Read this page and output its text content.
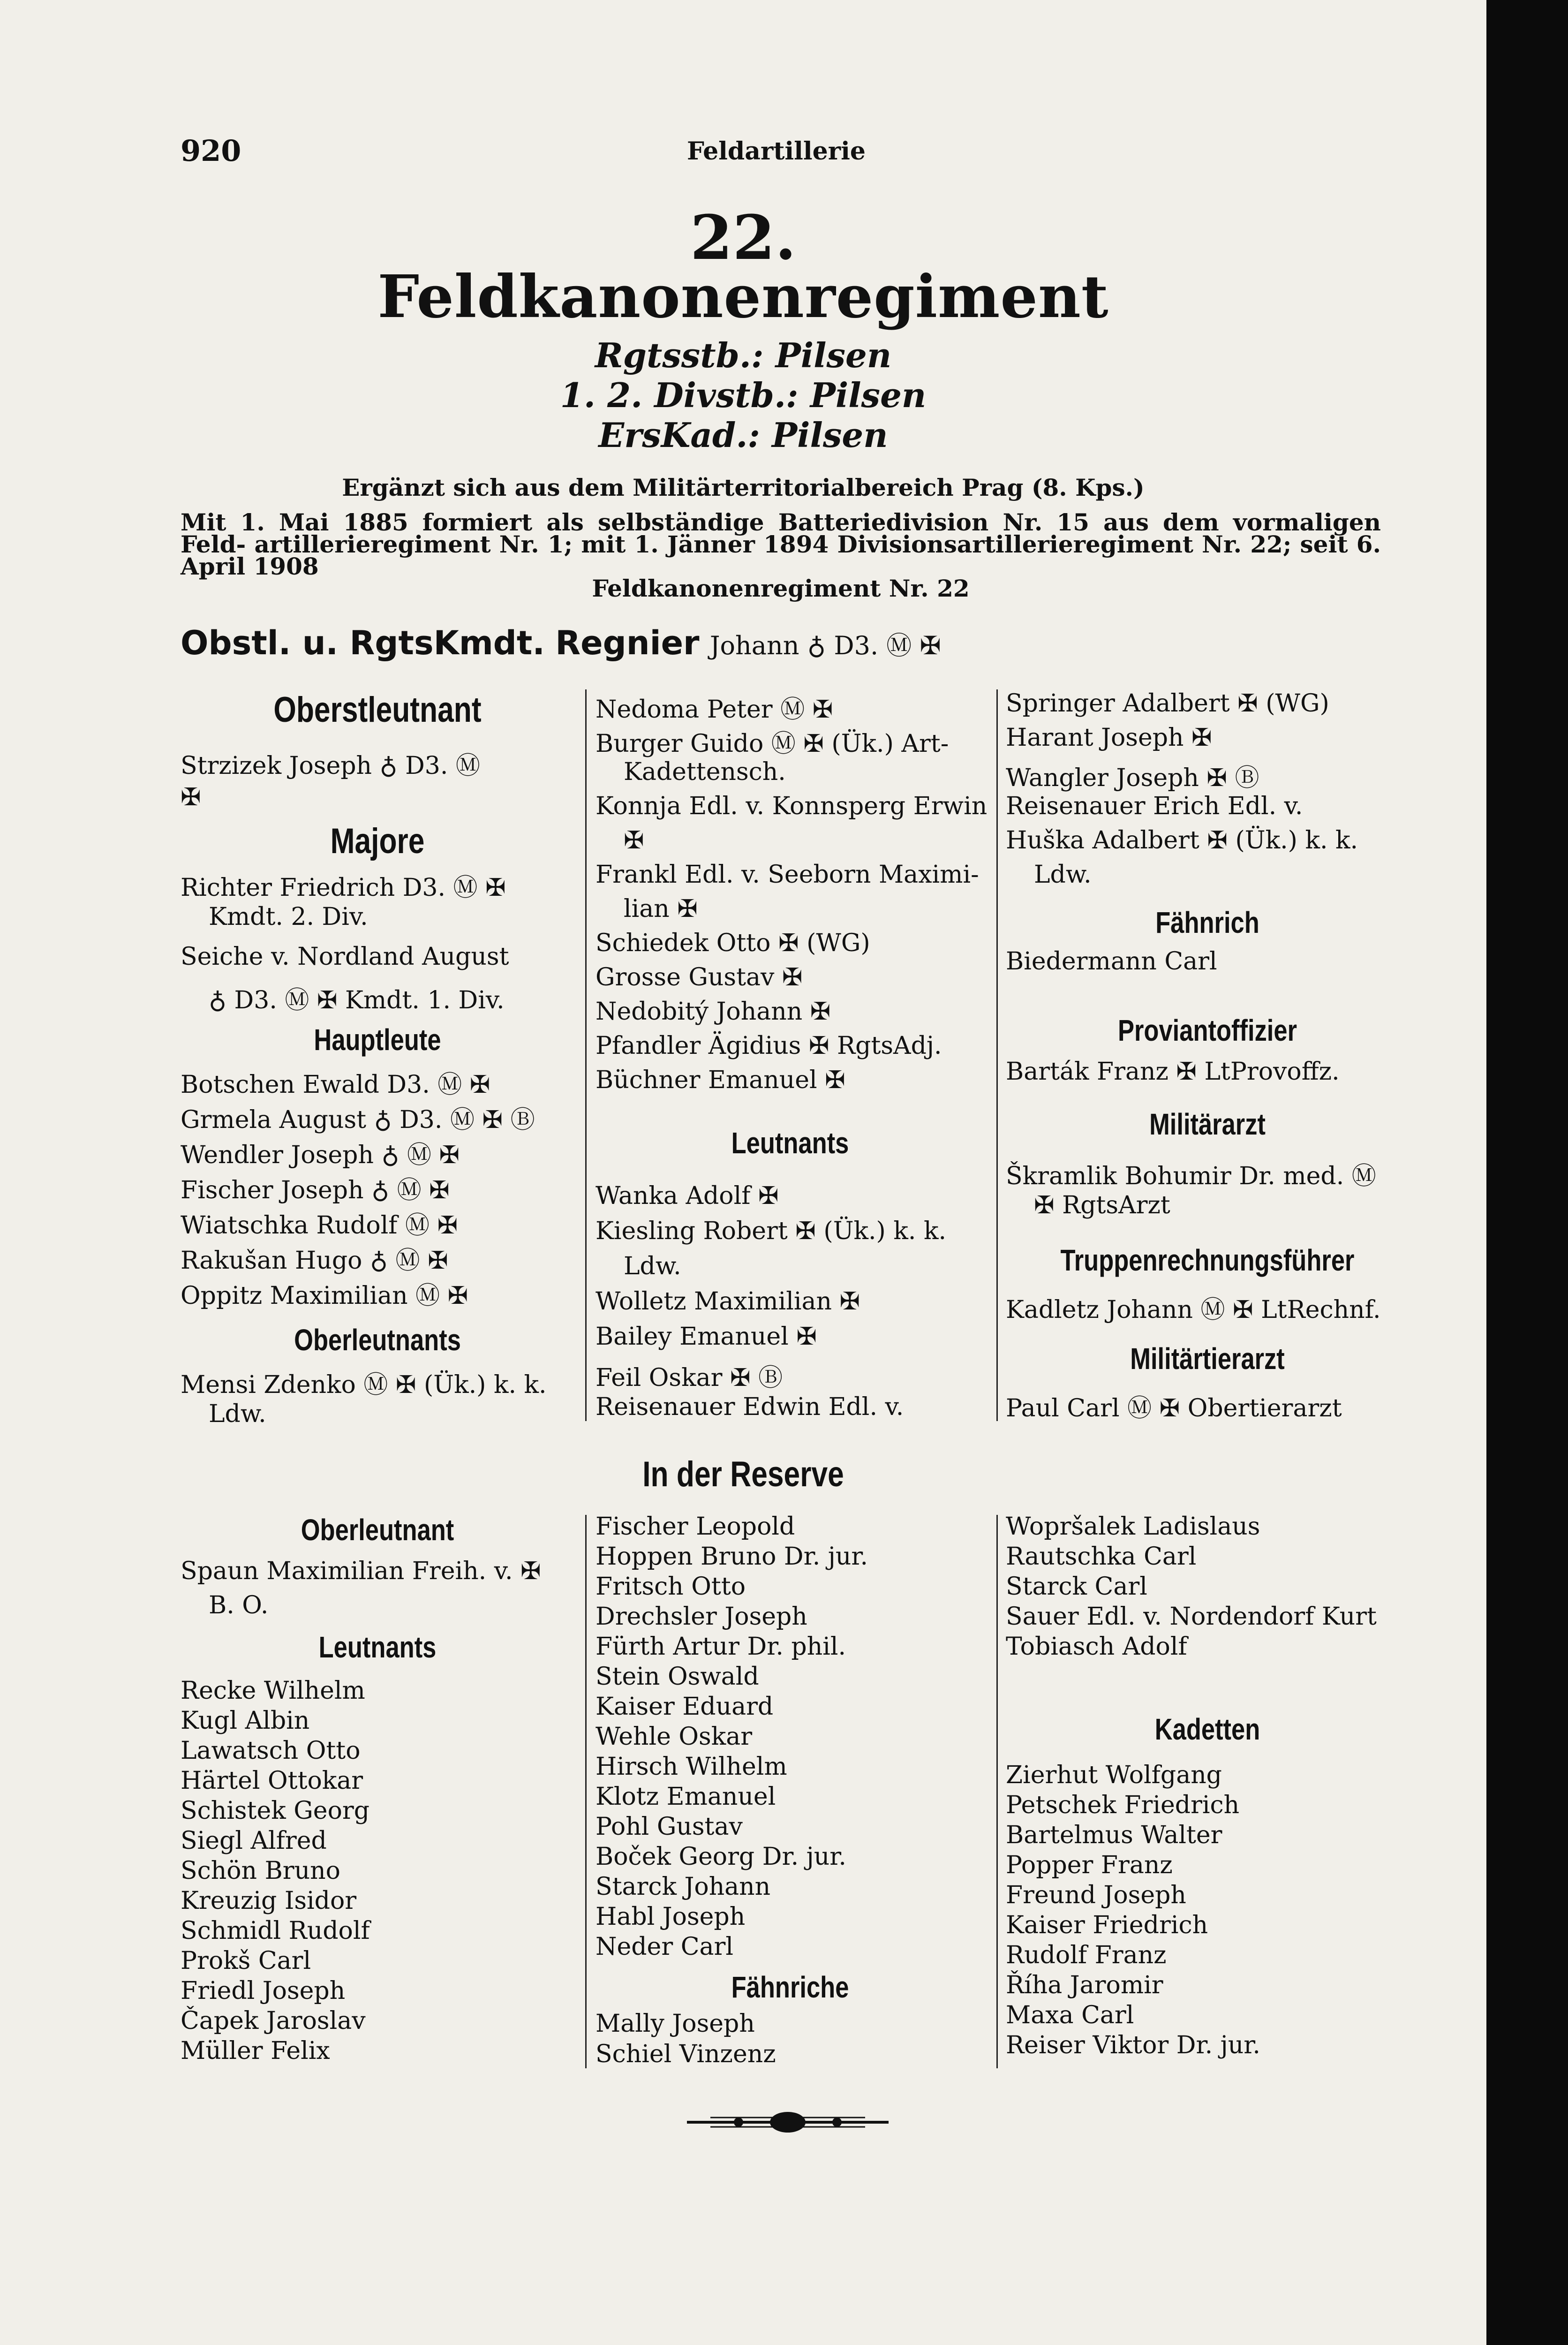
920	Feldartillerie
22.
Feldkanonenregiment
Rgtsstb.: Pilsen
1. 2. Divstb.: Pilsen
ErsKad.: Pilsen
Ergänzt sich aus dem Militärterritorialbereich Prag (8. Kps.)
Mit 1. Mai 1885 formiert als selbständige Batteriedivision Nr. 15 aus dem vormaligen Feld- artillerieregiment Nr. 1; mit 1. Jänner 1894 Divisionsartillerieregiment Nr. 22; seit 6. April 1908
Feldkanonenregiment Nr. 22
Obstl. u. RgtsKmdt. Regnier Johann ♁ D3. Ⓜ ✠
Oberstleutnant
Strzizek Joseph ♁ D3. Ⓜ
✠
Majore
Richter Friedrich D3. Ⓜ ✠
Kmdt. 2. Div.
Seiche v. Nordland August
♁ D3. Ⓜ ✠ Kmdt. 1. Div.
Hauptleute
Botschen Ewald D3. Ⓜ ✠
Grmela August ♁ D3. Ⓜ ✠ Ⓑ
Wendler Joseph ♁ Ⓜ ✠
Fischer Joseph ♁ Ⓜ ✠
Wiatschka Rudolf Ⓜ ✠
Rakušan Hugo ♁ Ⓜ ✠
Oppitz Maximilian Ⓜ ✠
Oberleutnants
Mensi Zdenko Ⓜ ✠ (Ük.) k. k.
Ldw.
Nedoma Peter Ⓜ ✠
Burger Guido Ⓜ ✠ (Ük.) Art-
Kadettensch.
Konnja Edl. v. Konnsperg Erwin
✠
Frankl Edl. v. Seeborn Maximi-
lian ✠
Schiedek Otto ✠ (WG)
Grosse Gustav ✠
Nedobitý Johann ✠
Pfandler Ägidius ✠ RgtsAdj.
Büchner Emanuel ✠
Leutnants
Wanka Adolf ✠
Kiesling Robert ✠ (Ük.) k. k.
Ldw.
Wolletz Maximilian ✠
Bailey Emanuel ✠
Feil Oskar ✠ Ⓑ
Reisenauer Edwin Edl. v.
Springer Adalbert ✠ (WG)
Harant Joseph ✠
Wangler Joseph ✠ Ⓑ
Reisenauer Erich Edl. v.
Huška Adalbert ✠ (Ük.) k. k.
Ldw.
Fähnrich
Biedermann Carl
Proviantoffizier
Barták Franz ✠ LtProvoffz.
Militärarzt
Škramlik Bohumir Dr. med. Ⓜ
✠ RgtsArzt
Truppenrechnungsführer
Kadletz Johann Ⓜ ✠ LtRechnf.
Militärtierarzt
Paul Carl Ⓜ ✠ Obertierarzt
In der Reserve
Oberleutnant
Spaun Maximilian Freih. v. ✠
B. O.
Leutnants
Recke Wilhelm
Kugl Albin
Lawatsch Otto
Härtel Ottokar
Schistek Georg
Siegl Alfred
Schön Bruno
Kreuzig Isidor
Schmidl Rudolf
Prokš Carl
Friedl Joseph
Čapek Jaroslav
Müller Felix
Fischer Leopold
Hoppen Bruno Dr. jur.
Fritsch Otto
Drechsler Joseph
Fürth Artur Dr. phil.
Stein Oswald
Kaiser Eduard
Wehle Oskar
Hirsch Wilhelm
Klotz Emanuel
Pohl Gustav
Boček Georg Dr. jur.
Starck Johann
Habl Joseph
Neder Carl
Fähnriche
Mally Joseph
Schiel Vinzenz
Wopršalek Ladislaus
Rautschka Carl
Starck Carl
Sauer Edl. v. Nordendorf Kurt
Tobiasch Adolf
Kadetten
Zierhut Wolfgang
Petschek Friedrich
Bartelmus Walter
Popper Franz
Freund Joseph
Kaiser Friedrich
Rudolf Franz
Říha Jaromir
Maxa Carl
Reiser Viktor Dr. jur.
